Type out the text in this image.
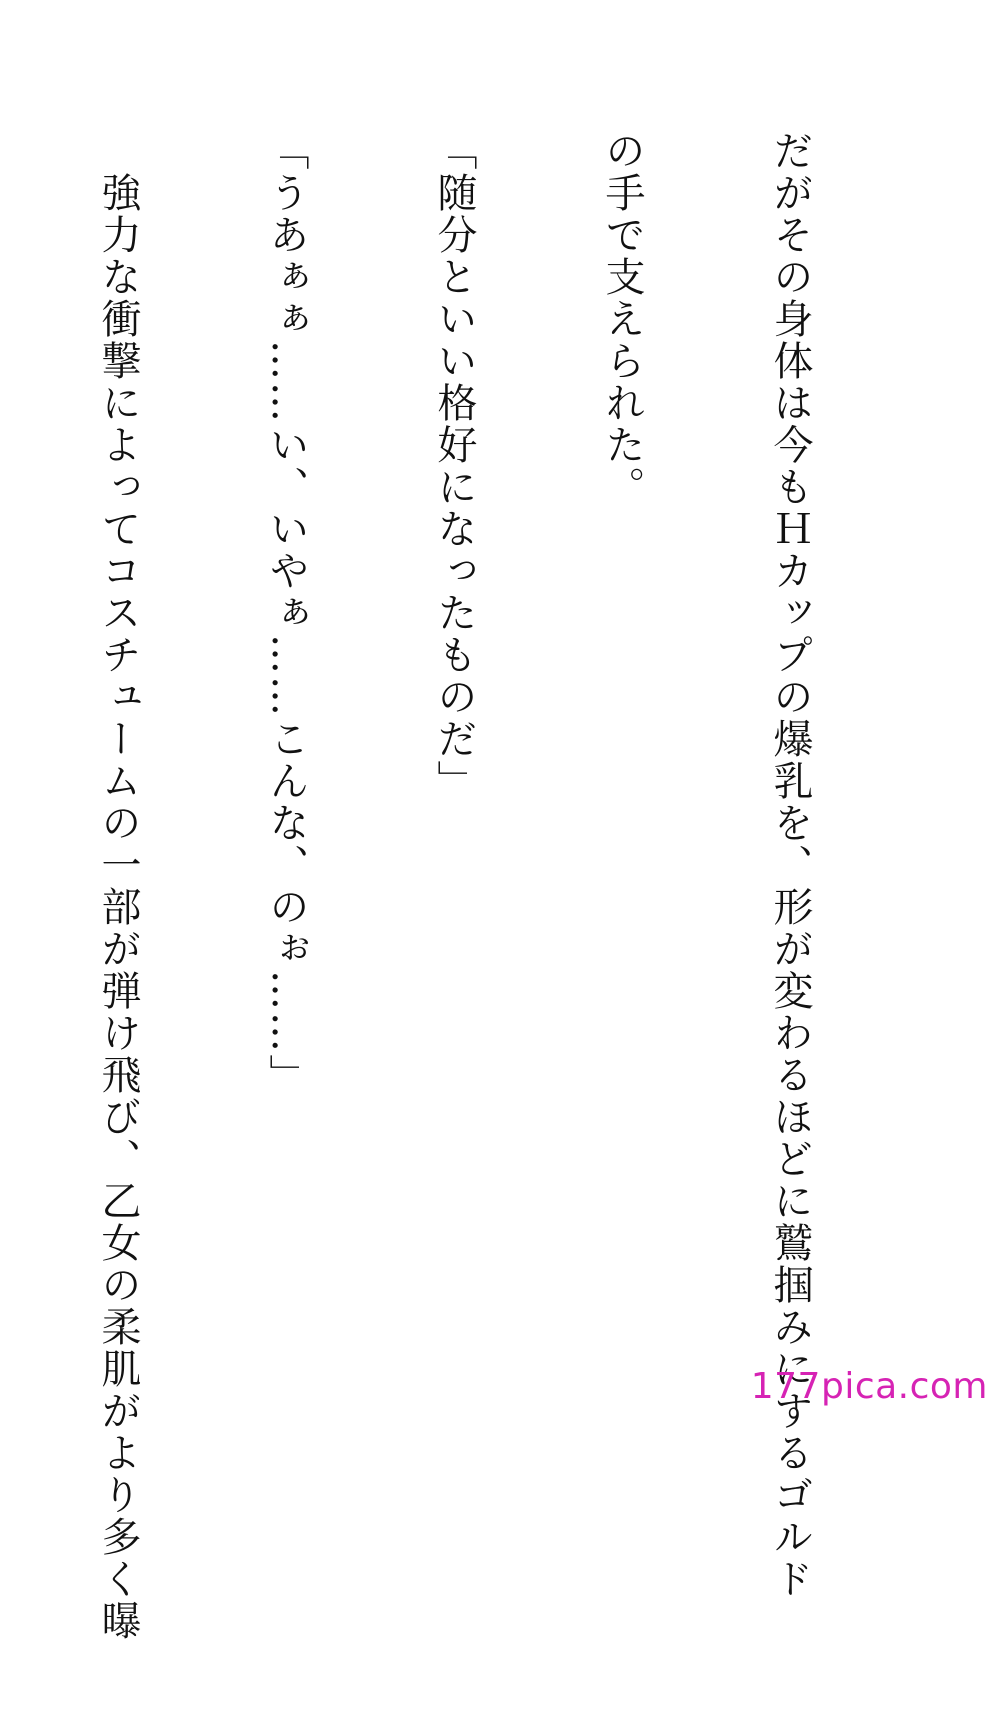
だがその身体は今もＨカップの爆乳を、形が変わるほどに鷲掴みにするゴルド

の手で支えられた。

「随分といい格好になったものだ」

「うあぁぁ……い、いやぁ……こんな、のぉ……」

　強力な衝撃によってコスチュームの一部が弾け飛び、乙女の柔肌がより多く曝

	177pica.com
